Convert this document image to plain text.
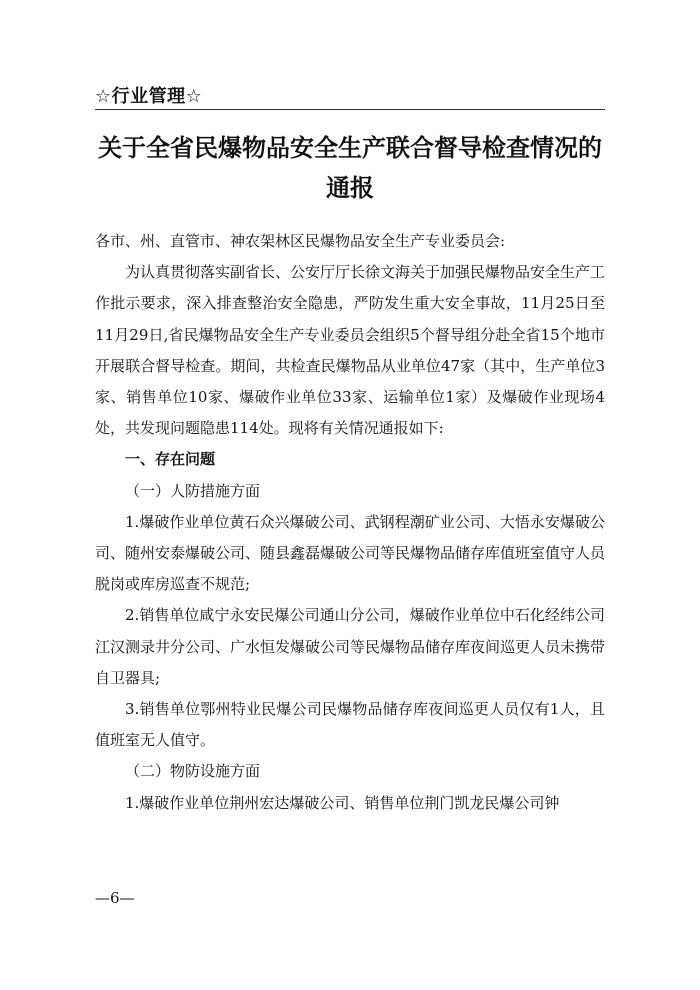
☆行业管理☆
关于全省民爆物品安全生产联合督导检查情况的
通报

各市、州、直管市、神农架林区民爆物品安全生产专业委员会:

为认真贯彻落实副省长、公安厅厅长徐文海关于加强民爆物品安全生产工作批示要求，深入排查整治安全隐患，严防发生重大安全事故，11月25日至11月29日,省民爆物品安全生产专业委员会组织5个督导组分赴全省15个地市开展联合督导检查。期间，共检查民爆物品从业单位47家（其中，生产单位3家、销售单位10家、爆破作业单位33家、运输单位1家）及爆破作业现场4处，共发现问题隐患114处。现将有关情况通报如下:

一、存在问题

（一）人防措施方面

1.爆破作业单位黄石众兴爆破公司、武钢程潮矿业公司、大悟永安爆破公司、随州安泰爆破公司、随县鑫磊爆破公司等民爆物品储存库值班室值守人员脱岗或库房巡查不规范;

2.销售单位咸宁永安民爆公司通山分公司，爆破作业单位中石化经纬公司江汉测录井分公司、广水恒发爆破公司等民爆物品储存库夜间巡更人员未携带自卫器具;

3.销售单位鄂州特业民爆公司民爆物品储存库夜间巡更人员仅有1人，且值班室无人值守。

（二）物防设施方面

1.爆破作业单位荆州宏达爆破公司、销售单位荆门凯龙民爆公司钟

—6—
